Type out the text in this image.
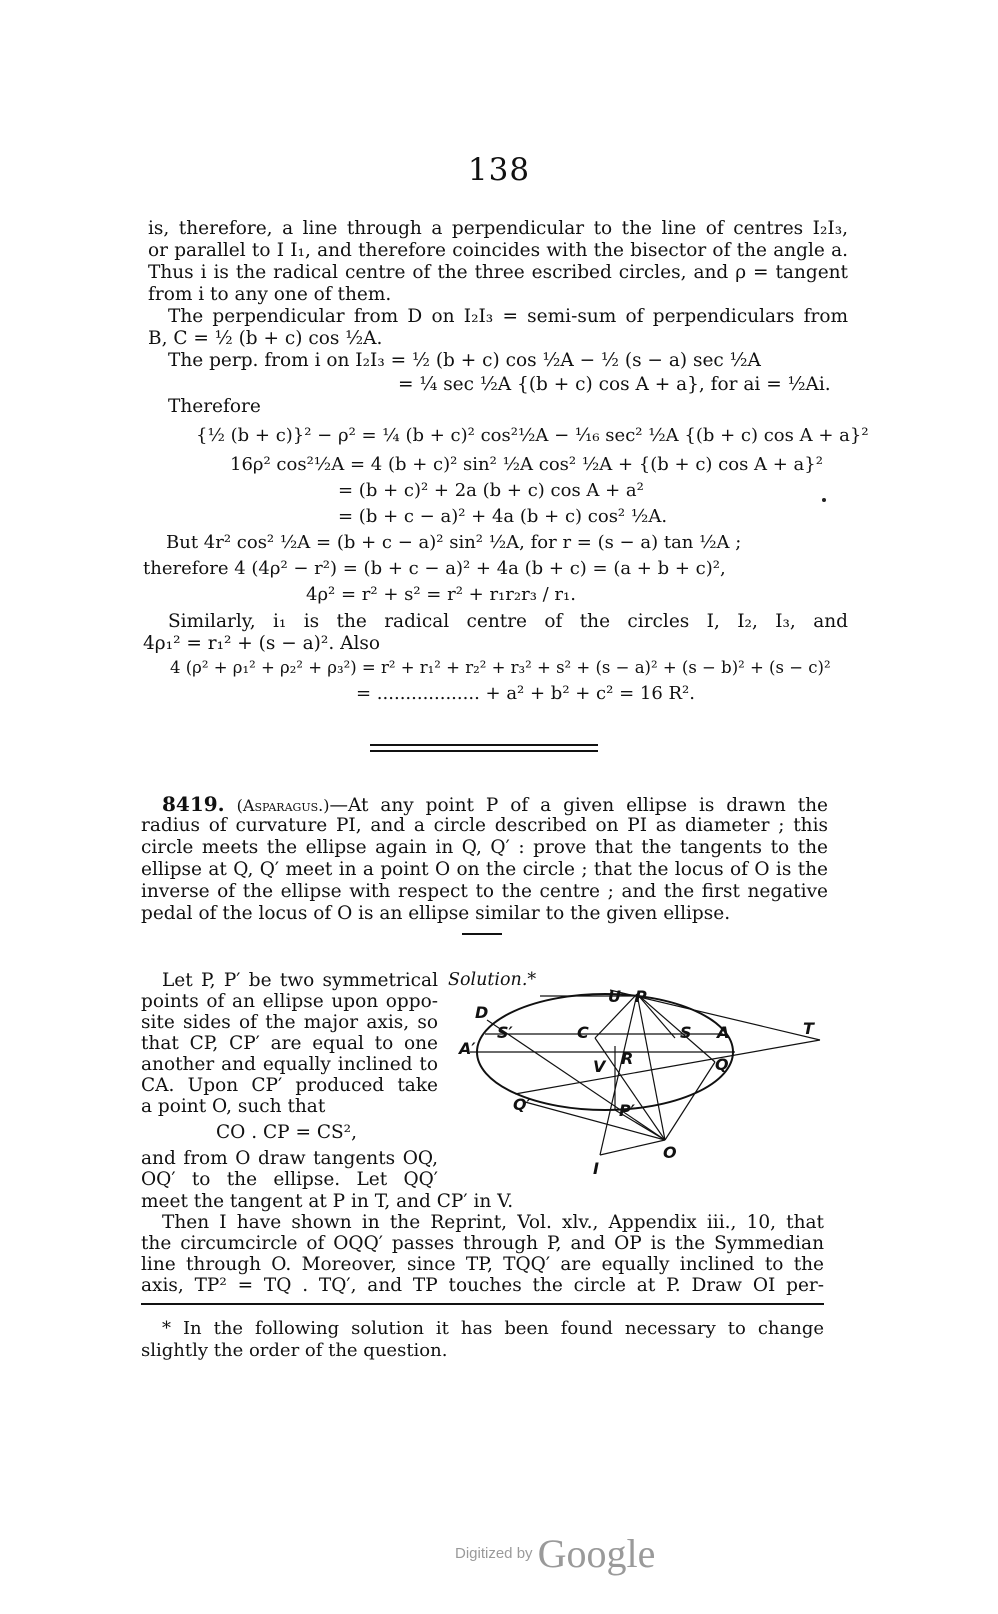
138
is, therefore, a line through a perpendicular to the line of centres I₂I₃,
or parallel to I I₁, and therefore coincides with the bisector of the angle a.
Thus i is the radical centre of the three escribed circles, and ρ = tangent
from i to any one of them.
The perpendicular from D on I₂I₃ = semi-sum of perpendiculars from
B, C = ½ (b + c) cos ½A.
The perp. from i on I₂I₃ = ½ (b + c) cos ½A − ½ (s − a) sec ½A
= ¼ sec ½A {(b + c) cos A + a}, for ai = ½Ai.
Therefore
{½ (b + c)}² − ρ² = ¼ (b + c)² cos²½A − ¹⁄₁₆ sec² ½A {(b + c) cos A + a}²
16ρ² cos²½A = 4 (b + c)² sin² ½A cos² ½A + {(b + c) cos A + a}²
= (b + c)² + 2a (b + c) cos A + a²
= (b + c − a)² + 4a (b + c) cos² ½A.
But 4r² cos² ½A = (b + c − a)² sin² ½A, for r = (s − a) tan ½A ;
therefore 4 (4ρ² − r²) = (b + c − a)² + 4a (b + c) = (a + b + c)²,
4ρ² = r² + s² = r² + r₁r₂r₃ / r₁.
Similarly, i₁ is the radical centre of the circles I, I₂, I₃, and
4ρ₁² = r₁² + (s − a)². Also
4 (ρ² + ρ₁² + ρ₂² + ρ₃²) = r² + r₁² + r₂² + r₃² + s² + (s − a)² + (s − b)² + (s − c)²
= .................. + a² + b² + c² = 16 R².
8419. (Asparagus.) —At any point P of a given ellipse is drawn the
radius of curvature PI, and a circle described on PI as diameter ; this
circle meets the ellipse again in Q, Q′ : prove that the tangents to the
ellipse at Q, Q′ meet in a point O on the circle ; that the locus of O is the
inverse of the ellipse with respect to the centre ; and the first negative
pedal of the locus of O is an ellipse similar to the given ellipse.
Solution.*
Let P, P′ be two symmetrical
points of an ellipse upon oppo-
site sides of the major axis, so
that CP, CP′ are equal to one
another and equally inclined to
CA. Upon CP′ produced take
a point O, such that
CO . CP = CS²,
and from O draw tangents OQ,
OQ′ to the ellipse. Let QQ′
meet the tangent at P in T, and CP′ in V.
Then I have shown in the Reprint, Vol. xlv., Appendix iii., 10, that
the circumcircle of OQQ′ passes through P, and OP is the Symmedian
line through O. Moreover, since TP, TQQ′ are equally inclined to the
axis, TP² = TQ . TQ′, and TP touches the circle at P. Draw OI per-
* In the following solution it has been found necessary to change
slightly the order of the question.
U P
D
T
S′	C	S A
A′
R
V	Q
Q′	P′
O
I
Digitized by Google
